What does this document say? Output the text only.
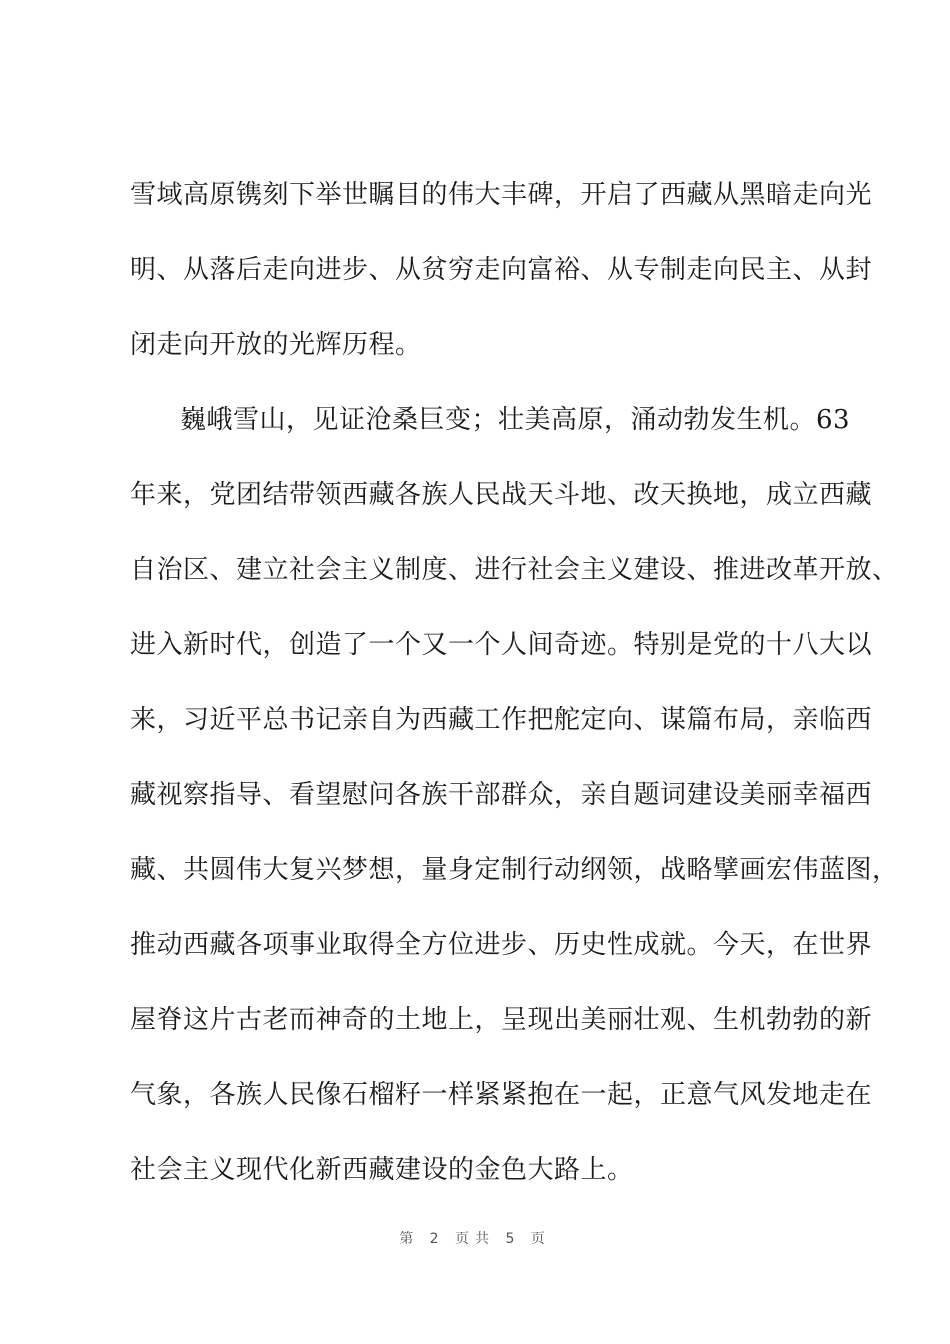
雪域高原镌刻下举世瞩目的伟大丰碑，开启了西藏从黑暗走向光
明、从落后走向进步、从贫穷走向富裕、从专制走向民主、从封
闭走向开放的光辉历程。
巍峨雪山，见证沧桑巨变；壮美高原，涌动勃发生机。63
年来，党团结带领西藏各族人民战天斗地、改天换地，成立西藏
自治区、建立社会主义制度、进行社会主义建设、推进改革开放、
进入新时代，创造了一个又一个人间奇迹。特别是党的十八大以
来，习近平总书记亲自为西藏工作把舵定向、谋篇布局，亲临西
藏视察指导、看望慰问各族干部群众，亲自题词建设美丽幸福西
藏、共圆伟大复兴梦想，量身定制行动纲领，战略擘画宏伟蓝图，
推动西藏各项事业取得全方位进步、历史性成就。今天，在世界
屋脊这片古老而神奇的土地上，呈现出美丽壮观、生机勃勃的新
气象，各族人民像石榴籽一样紧紧抱在一起，正意气风发地走在
社会主义现代化新西藏建设的金色大路上。
第 2 页共 5 页
